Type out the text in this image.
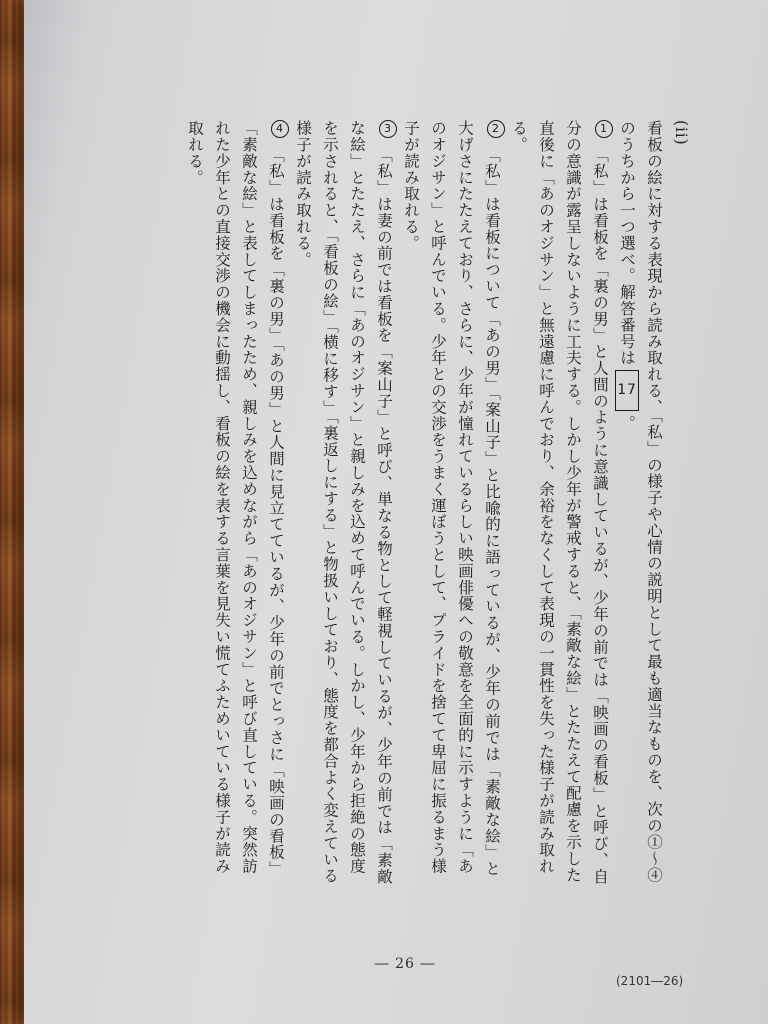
(ii)

看板の絵に対する表現から読み取れる、「私」の様子や心情の説明として最も適当なものを、次の①～④のうちから一つ選べ。解答番号は17。

1　「私」は看板を「裏の男」と人間のように意識しているが、少年の前では「映画の看板」と呼び、自分の意識が露呈しないように工夫する。しかし少年が警戒すると、「素敵な絵」とたたえて配慮を示した直後に「あのオジサン」と無遠慮に呼んでおり、余裕をなくして表現の一貫性を失った様子が読み取れる。

2　「私」は看板について「あの男」「案山子」と比喩的に語っているが、少年の前では「素敵な絵」と大げさにたたえており、さらに、少年が憧れているらしい映画俳優への敬意を全面的に示すように「あのオジサン」と呼んでいる。少年との交渉をうまく運ぼうとして、プライドを捨てて卑屈に振るまう様子が読み取れる。

3　「私」は妻の前では看板を「案山子」と呼び、単なる物として軽視しているが、少年の前では「素敵な絵」とたたえ、さらに「あのオジサン」と親しみを込めて呼んでいる。しかし、少年から拒絶の態度を示されると、「看板の絵」「横に移す」「裏返しにする」と物扱いしており、態度を都合よく変えている様子が読み取れる。

4　「私」は看板を「裏の男」「あの男」と人間に見立てているが、少年の前でとっさに「映画の看板」「素敵な絵」と表してしまったため、親しみを込めながら「あのオジサン」と呼び直している。突然訪れた少年との直接交渉の機会に動揺し、看板の絵を表する言葉を見失い慌てふためいている様子が読み取れる。

― 26 ―
(2101―26)
